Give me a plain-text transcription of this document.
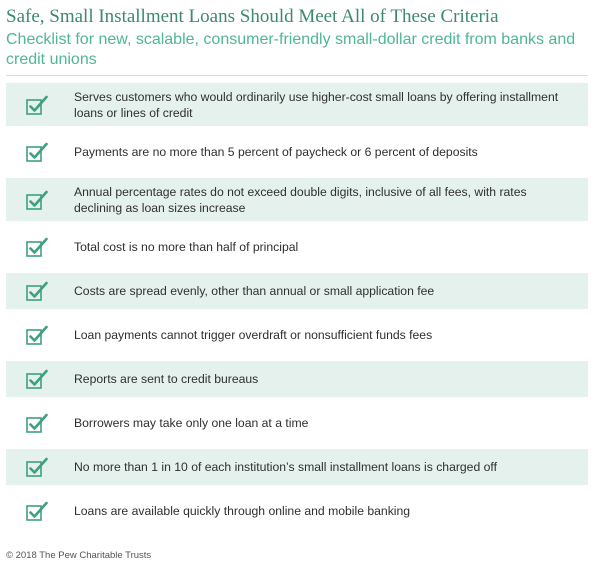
Safe, Small Installment Loans Should Meet All of These Criteria
Checklist for new, scalable, consumer-friendly small-dollar credit from banks and credit unions
Serves customers who would ordinarily use higher-cost small loans by offering installment loans or lines of credit
Payments are no more than 5 percent of paycheck or 6 percent of deposits
Annual percentage rates do not exceed double digits, inclusive of all fees, with rates declining as loan sizes increase
Total cost is no more than half of principal
Costs are spread evenly, other than annual or small application fee
Loan payments cannot trigger overdraft or nonsufficient funds fees
Reports are sent to credit bureaus
Borrowers may take only one loan at a time
No more than 1 in 10 of each institution’s small installment loans is charged off
Loans are available quickly through online and mobile banking
© 2018 The Pew Charitable Trusts
